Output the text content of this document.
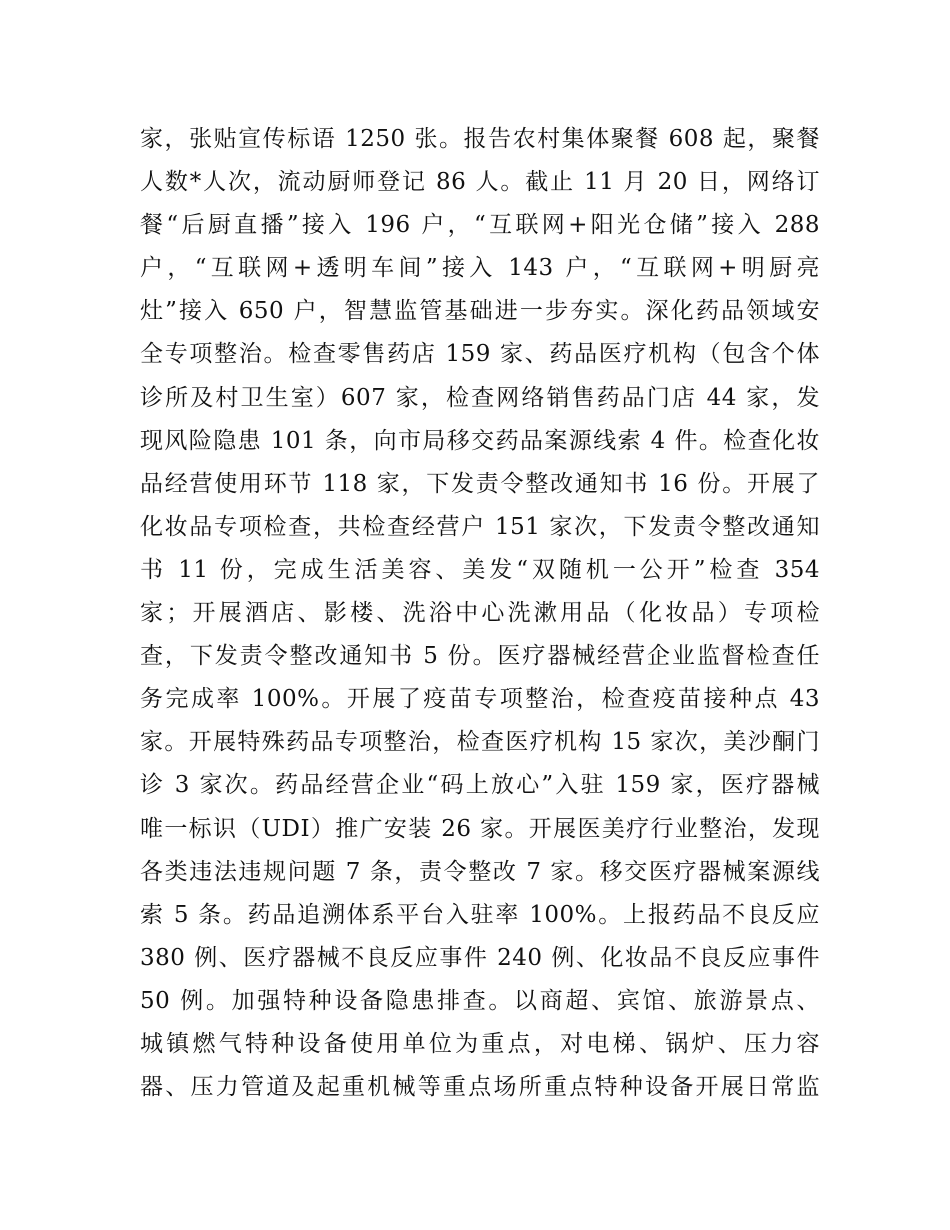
家，张贴宣传标语 1250 张。报告农村集体聚餐 608 起，聚餐
人数*人次，流动厨师登记 86 人。截止 11 月 20 日，网络订
餐“后厨直播”接入 196 户，“互联网+阳光仓储”接入 288
户，“互联网+透明车间”接入 143 户，“互联网+明厨亮
灶”接入 650 户，智慧监管基础进一步夯实。深化药品领域安
全专项整治。检查零售药店 159 家、药品医疗机构（包含个体
诊所及村卫生室）607 家，检查网络销售药品门店 44 家，发
现风险隐患 101 条，向市局移交药品案源线索 4 件。检查化妆
品经营使用环节 118 家，下发责令整改通知书 16 份。开展了
化妆品专项检查，共检查经营户 151 家次，下发责令整改通知
书 11 份，完成生活美容、美发“双随机一公开”检查 354
家；开展酒店、影楼、洗浴中心洗漱用品（化妆品）专项检
查，下发责令整改通知书 5 份。医疗器械经营企业监督检查任
务完成率 100%。开展了疫苗专项整治，检查疫苗接种点 43
家。开展特殊药品专项整治，检查医疗机构 15 家次，美沙酮门
诊 3 家次。药品经营企业“码上放心”入驻 159 家，医疗器械
唯一标识（UDI）推广安装 26 家。开展医美疗行业整治，发现
各类违法违规问题 7 条，责令整改 7 家。移交医疗器械案源线
索 5 条。药品追溯体系平台入驻率 100%。上报药品不良反应
380 例、医疗器械不良反应事件 240 例、化妆品不良反应事件
50 例。加强特种设备隐患排查。以商超、宾馆、旅游景点、
城镇燃气特种设备使用单位为重点，对电梯、锅炉、压力容
器、压力管道及起重机械等重点场所重点特种设备开展日常监
